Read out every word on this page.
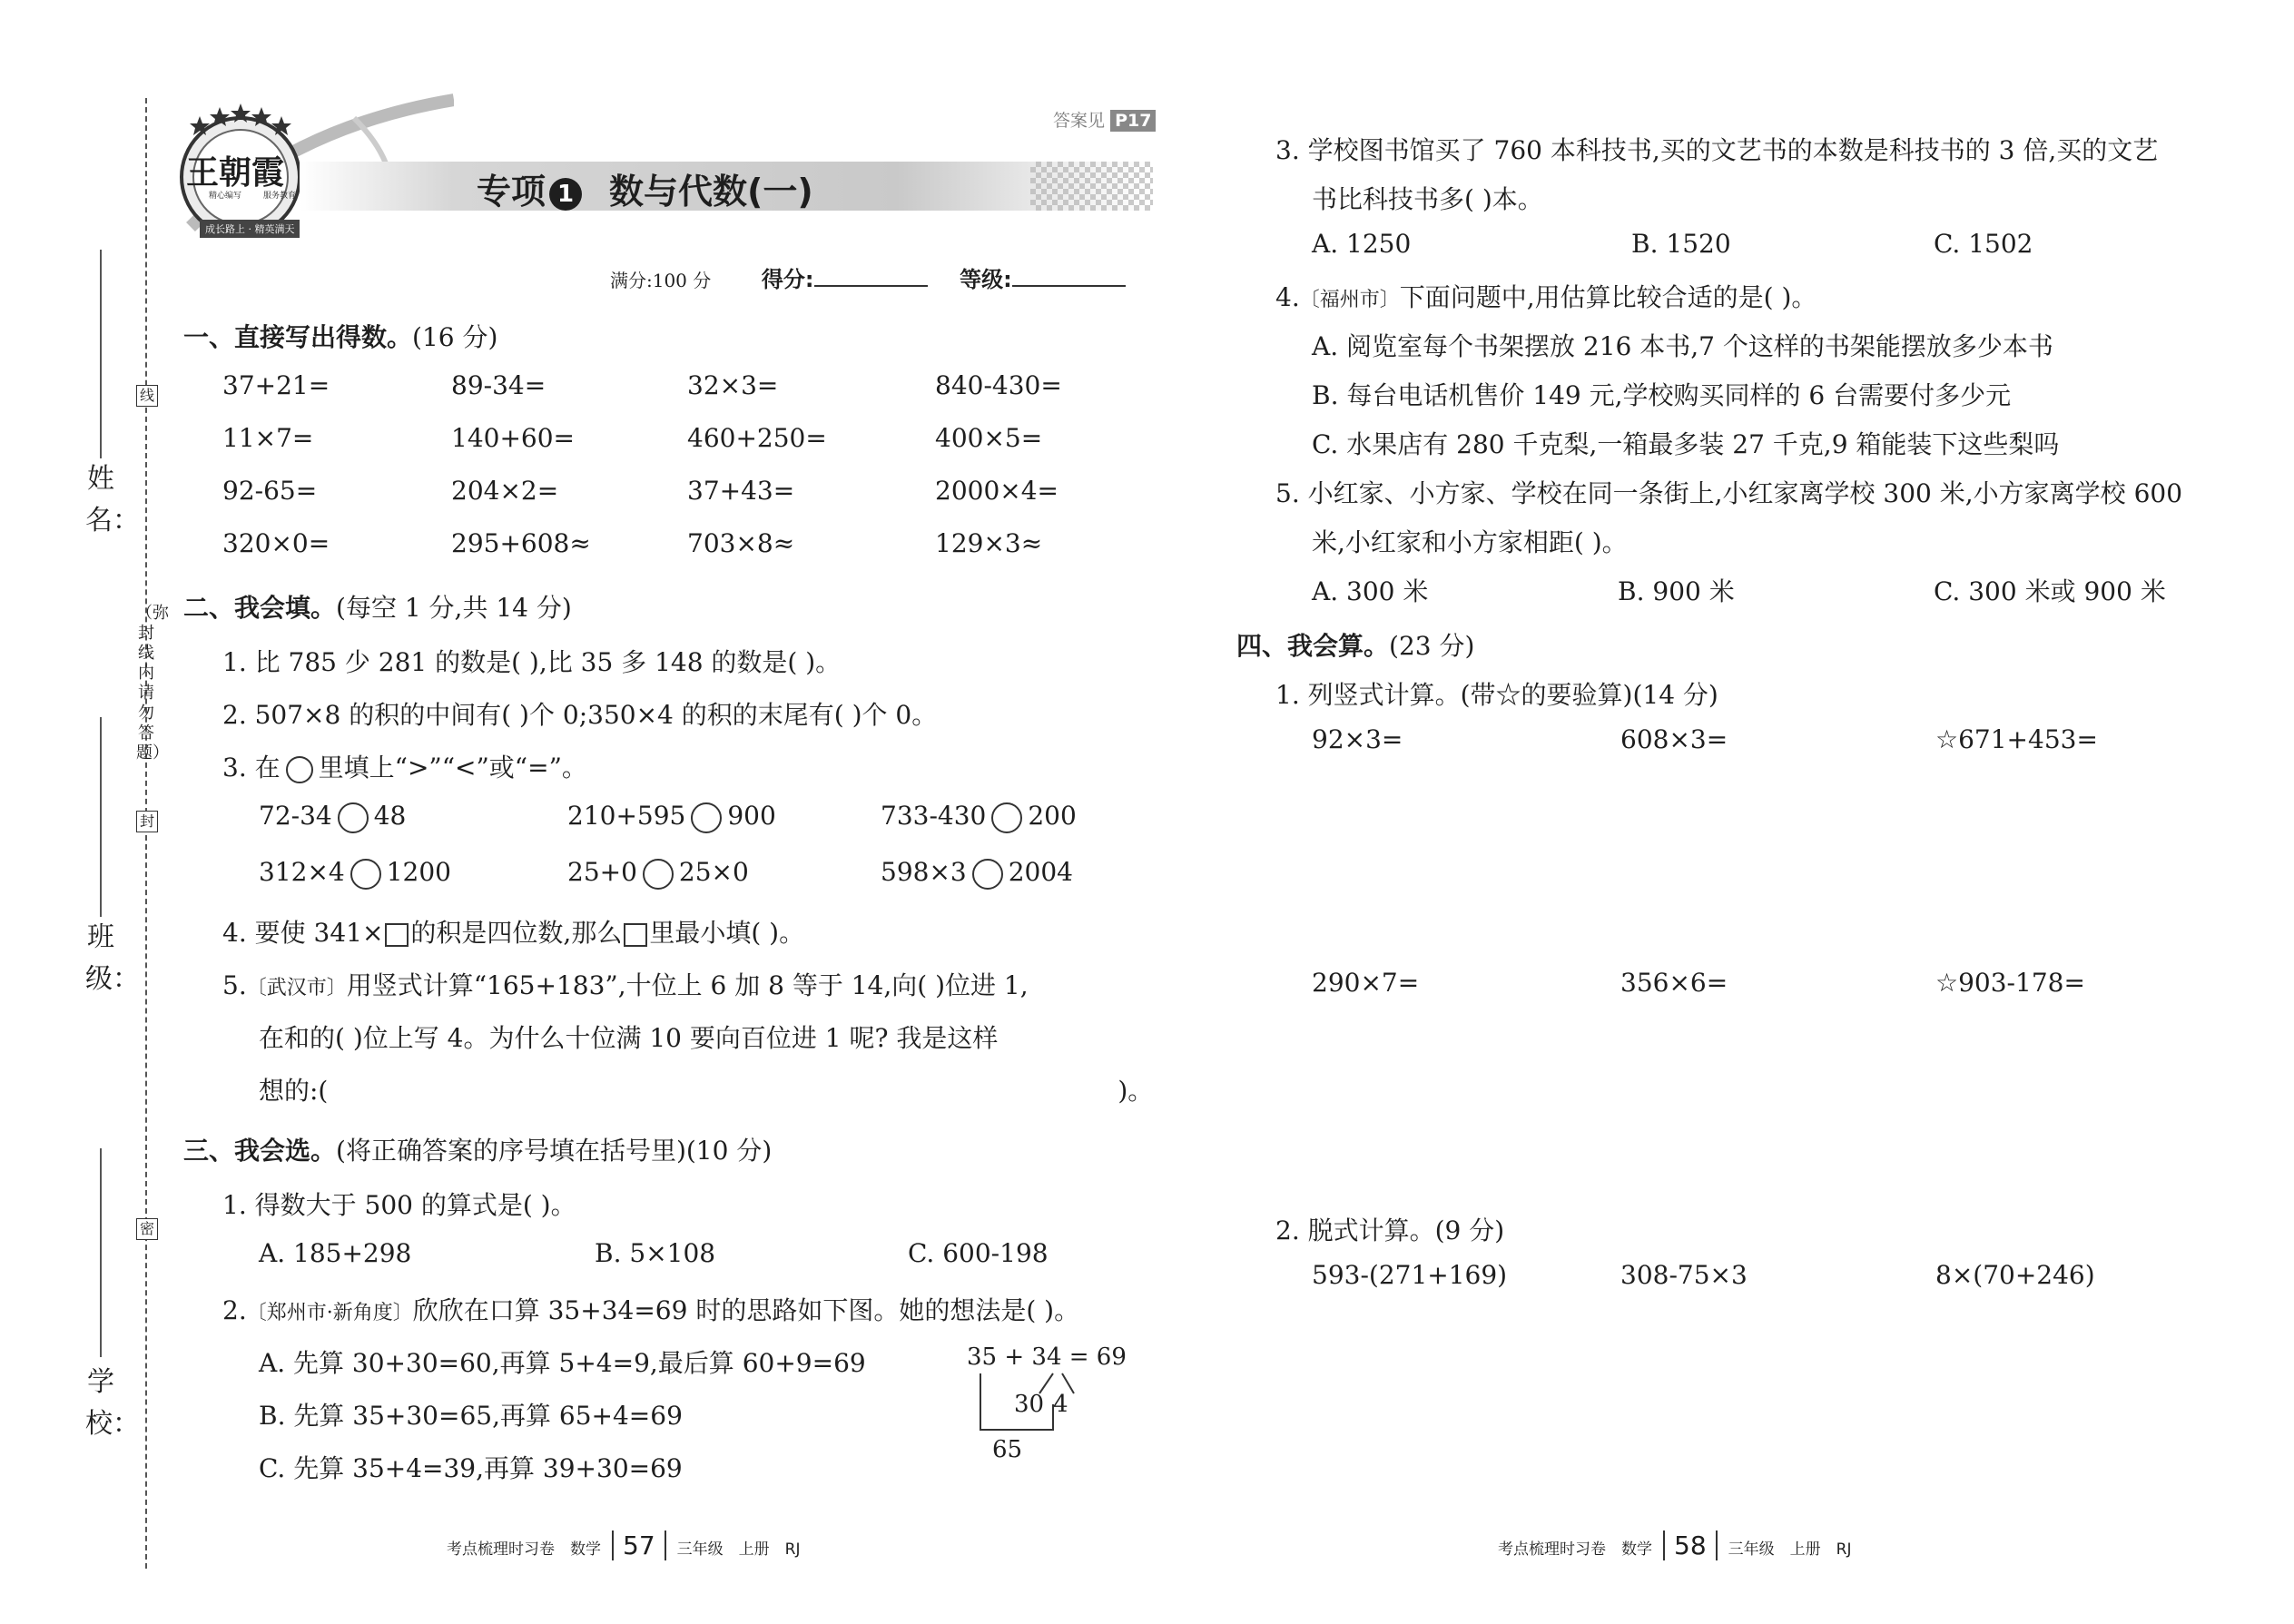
姓名：
班级：
学校：
线
（弥封线内请勿答题）
封
密
王朝霞
精心编写	服务教育
成长路上 · 精英满天
答案见 P17
专项 1 数与代数(一)
满分:100 分 得分:	等级:
一、直接写出得数。(16 分)
37+21=	89-34=	32×3=	840-430=
11×7=	140+60=	460+250=	400×5=
92-65=	204×2=	37+43=	2000×4=
320×0=	295+608≈	703×8≈	129×3≈
二、我会填。(每空 1 分,共 14 分)
1. 比 785 少 281 的数是( ),比 35 多 148 的数是( )。
2. 507×8 的积的中间有( )个 0;350×4 的积的末尾有( )个 0。
3. 在 里填上“>”“<”或“=”。
72-34 48	210+595 900	733-430 200
312×4 1200	25+0 25×0	598×3 2004
4. 要使 341× 的积是四位数,那么 里最小填( )。
5.〔武汉市〕用竖式计算“165+183”,十位上 6 加 8 等于 14,向( )位进 1,
在和的( )位上写 4。为什么十位满 10 要向百位进 1 呢? 我是这样
想的:(	)。
三、我会选。(将正确答案的序号填在括号里)(10 分)
1. 得数大于 500 的算式是( )。
A. 185+298	B. 5×108	C. 600-198
2.〔郑州市·新角度〕欣欣在口算 35+34=69 时的思路如下图。她的想法是( )。
A. 先算 30+30=60,再算 5+4=9,最后算 60+9=69
B. 先算 35+30=65,再算 65+4=69
C. 先算 35+4=39,再算 39+30=69
35 + 34 = 69
30 4
65
考点梳理时习卷　数学 57 三年级　上册　RJ
3. 学校图书馆买了 760 本科技书,买的文艺书的本数是科技书的 3 倍,买的文艺
书比科技书多( )本。
A. 1250	B. 1520	C. 1502
4.〔福州市〕下面问题中,用估算比较合适的是( )。
A. 阅览室每个书架摆放 216 本书,7 个这样的书架能摆放多少本书
B. 每台电话机售价 149 元,学校购买同样的 6 台需要付多少元
C. 水果店有 280 千克梨,一箱最多装 27 千克,9 箱能装下这些梨吗
5. 小红家、小方家、学校在同一条街上,小红家离学校 300 米,小方家离学校 600
米,小红家和小方家相距( )。
A. 300 米	B. 900 米	C. 300 米或 900 米
四、我会算。(23 分)
1. 列竖式计算。(带☆的要验算)(14 分)
92×3=	608×3=	☆671+453=
290×7=	356×6=	☆903-178=
2. 脱式计算。(9 分)
593-(271+169)	308-75×3	8×(70+246)
考点梳理时习卷　数学 58 三年级　上册　RJ
